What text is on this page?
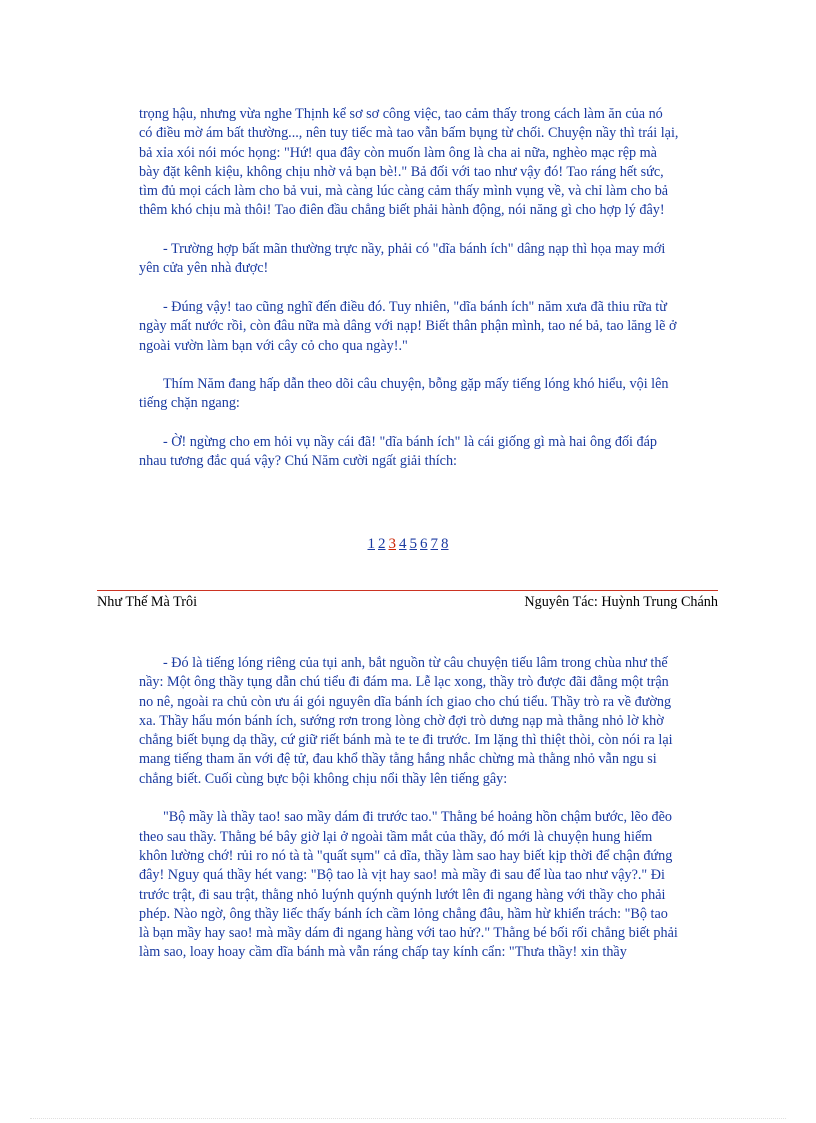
trọng hậu, nhưng vừa nghe Thịnh kể sơ sơ công việc, tao cảm thấy trong cách làm ăn của nó có điều mờ ám bất thường..., nên tuy tiếc mà tao vẫn bấm bụng từ chối. Chuyện nầy thì trái lại, bả xỉa xói nói móc họng: "Hứ! qua đây còn muốn làm ông là cha ai nữa, nghèo mạc rệp mà bày đặt kênh kiệu, không chịu nhờ vả bạn bè!." Bả đối với tao như vậy đó! Tao ráng hết sức, tìm đủ mọi cách làm cho bả vui, mà càng lúc càng cảm thấy mình vụng về, và chỉ làm cho bả thêm khó chịu mà thôi! Tao điên đầu chẳng biết phải hành động, nói năng gì cho hợp lý đây!

- Trường hợp bất mãn thường trực nầy, phải có "dĩa bánh ích" dâng nạp thì họa may mới yên cửa yên nhà được!

- Đúng vậy! tao cũng nghĩ đến điều đó. Tuy nhiên, "dĩa bánh ích" năm xưa đã thiu rữa từ ngày mất nước rồi, còn đâu nữa mà dâng với nạp! Biết thân phận mình, tao né bả, tao lăng lẽ ở ngoài vườn làm bạn với cây cỏ cho qua ngày!."

Thím Năm đang hấp dẫn theo dõi câu chuyện, bỗng gặp mấy tiếng lóng khó hiểu, vội lên tiếng chặn ngang:

- Ờ! ngừng cho em hỏi vụ nầy cái đã! "dĩa bánh ích" là cái giống gì mà hai ông đối đáp nhau tương đắc quá vậy? Chú Năm cười ngất giải thích:

1 2 3 4 5 6 7 8
Như Thế Mà Trôi	Nguyên Tác: Huỳnh Trung Chánh

- Đó là tiếng lóng riêng của tụi anh, bắt nguồn từ câu chuyện tiếu lâm trong chùa như thế nầy: Một ông thầy tụng dẫn chú tiểu đi đám ma. Lễ lạc xong, thầy trò được đãi đằng một trận no nê, ngoài ra chủ còn ưu ái gói nguyên dĩa bánh ích giao cho chú tiểu. Thầy trò ra về đường xa. Thầy hẩu món bánh ích, sướng rơn trong lòng chờ đợi trò dưng nạp mà thằng nhỏ lờ khờ chẳng biết bụng dạ thầy, cứ giữ riết bánh mà te te đi trước. Im lặng thì thiệt thòi, còn nói ra lại mang tiếng tham ăn với đệ tử, đau khổ thầy tằng hắng nhắc chừng mà thằng nhỏ vẫn ngu si chẳng biết. Cuối cùng bực bội không chịu nổi thầy lên tiếng gây:

"Bộ mầy là thầy tao! sao mầy dám đi trước tao." Thằng bé hoảng hồn chậm bước, lẽo đẽo theo sau thầy. Thằng bé bây giờ lại ở ngoài tầm mắt của thầy, đó mới là chuyện hung hiểm khôn lường chớ! rủi ro nó tà tà "quất sụm" cả dĩa, thầy làm sao hay biết kịp thời để chận đứng đây! Nguy quá thầy hét vang: "Bộ tao là vịt hay sao! mà mầy đi sau để lùa tao như vậy?." Đi trước trật, đi sau trật, thằng nhỏ luýnh quýnh quýnh lướt lên đi ngang hàng với thầy cho phải phép. Nào ngờ, ông thầy liếc thấy bánh ích cầm lỏng chẳng đâu, hầm hừ khiển trách: "Bộ tao là bạn mầy hay sao! mà mầy dám đi ngang hàng với tao hử?." Thằng bé bối rối chẳng biết phải làm sao, loay hoay cầm dĩa bánh mà vẫn ráng chấp tay kính cẩn: "Thưa thầy! xin thầy
